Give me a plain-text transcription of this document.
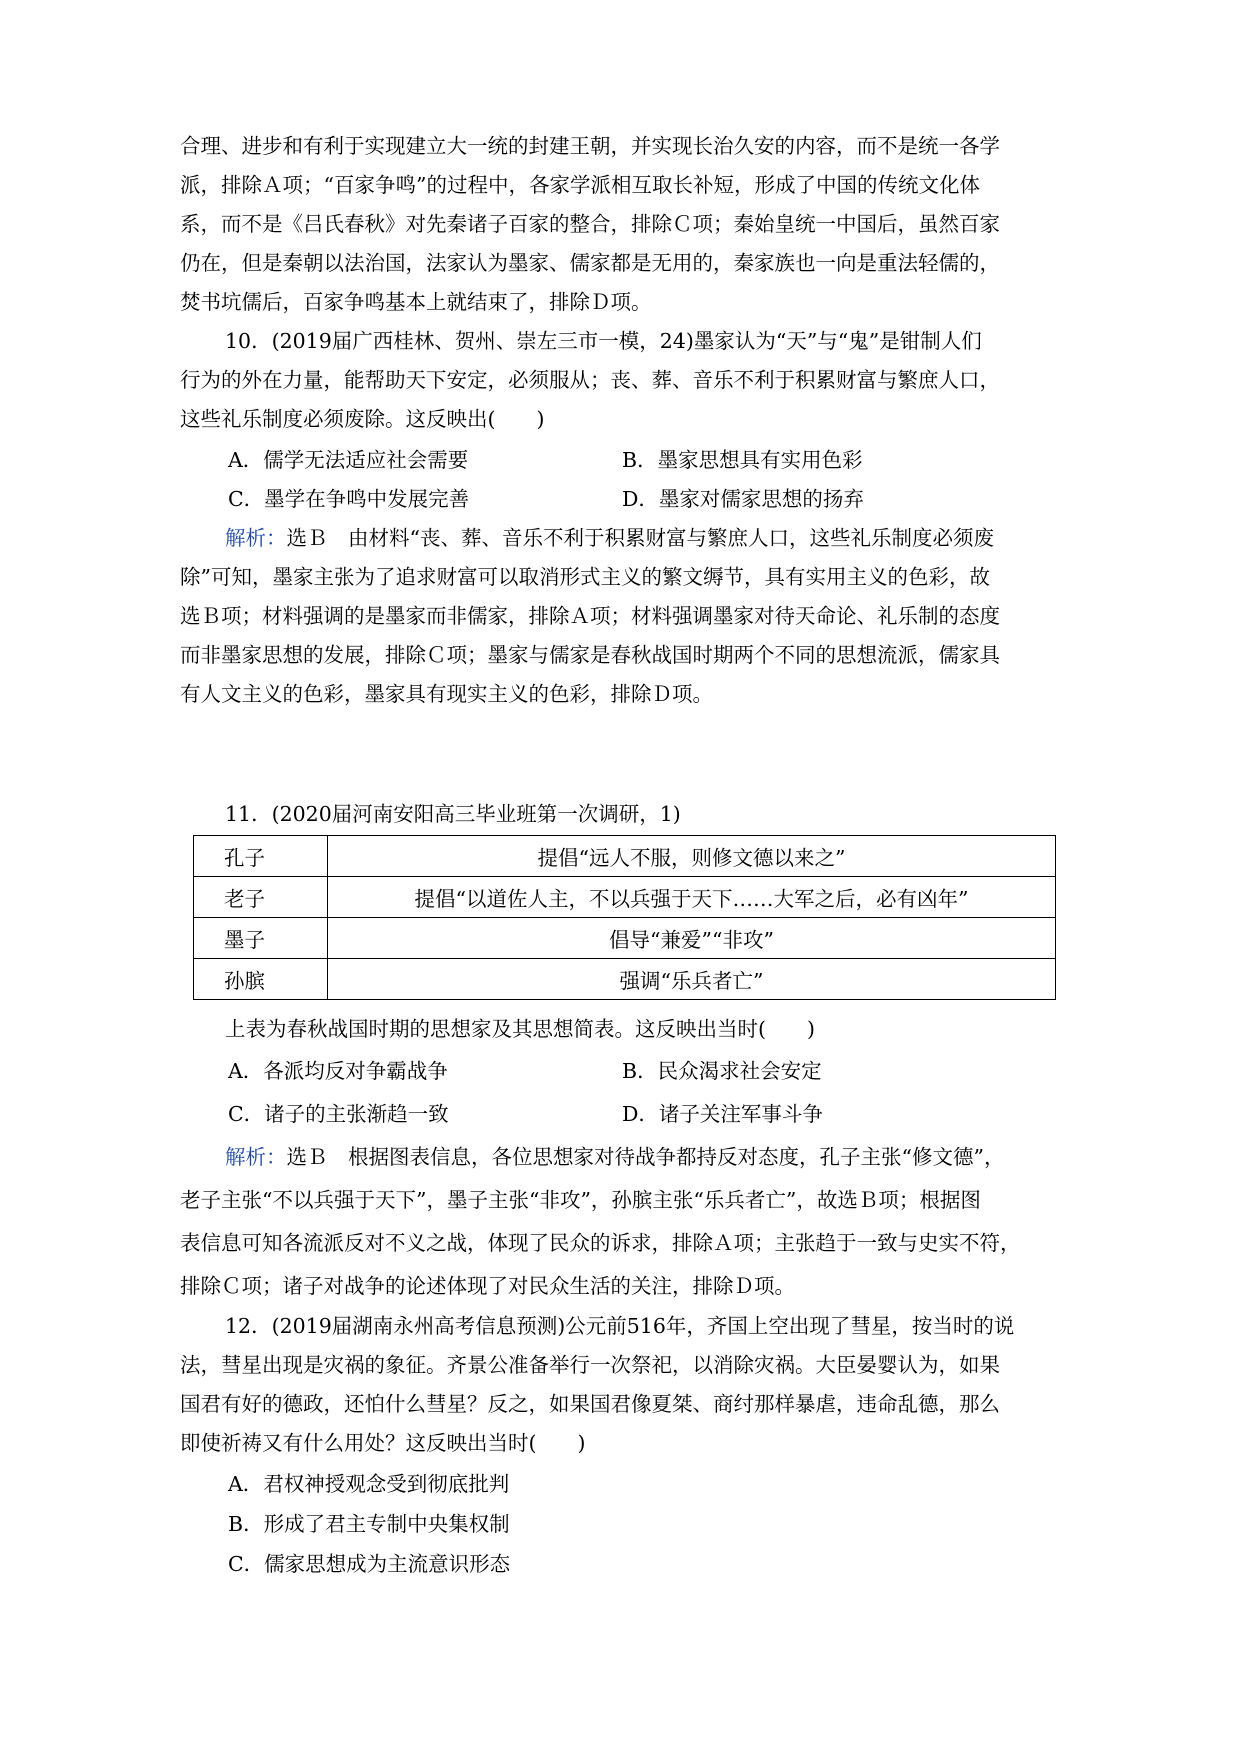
合理、进步和有利于实现建立大一统的封建王朝，并实现长治久安的内容，而不是统一各学
派，排除Ａ项；“百家争鸣”的过程中，各家学派相互取长补短，形成了中国的传统文化体
系，而不是《吕氏春秋》对先秦诸子百家的整合，排除Ｃ项；秦始皇统一中国后，虽然百家
仍在，但是秦朝以法治国，法家认为墨家、儒家都是无用的，秦家族也一向是重法轻儒的，
焚书坑儒后，百家争鸣基本上就结束了，排除Ｄ项。
10．(2019届广西桂林、贺州、崇左三市一模，24)墨家认为“天”与“鬼”是钳制人们
行为的外在力量，能帮助天下安定，必须服从；丧、葬、音乐不利于积累财富与繁庶人口，
这些礼乐制度必须废除。这反映出(　　)
A．儒学无法适应社会需要	B．墨家思想具有实用色彩
C．墨学在争鸣中发展完善	D．墨家对儒家思想的扬弃
解析：选Ｂ　由材料“丧、葬、音乐不利于积累财富与繁庶人口，这些礼乐制度必须废
除”可知，墨家主张为了追求财富可以取消形式主义的繁文缛节，具有实用主义的色彩，故
选Ｂ项；材料强调的是墨家而非儒家，排除Ａ项；材料强调墨家对待天命论、礼乐制的态度
而非墨家思想的发展，排除Ｃ项；墨家与儒家是春秋战国时期两个不同的思想流派，儒家具
有人文主义的色彩，墨家具有现实主义的色彩，排除Ｄ项。
11．(2020届河南安阳高三毕业班第一次调研，1)
孔子	提倡“远人不服，则修文德以来之”
老子	提倡“以道佐人主，不以兵强于天下……大军之后，必有凶年”
墨子	倡导“兼爱”“非攻”
孙膑	强调“乐兵者亡”
上表为春秋战国时期的思想家及其思想简表。这反映出当时(　　)
A．各派均反对争霸战争	B．民众渴求社会安定
C．诸子的主张渐趋一致	D．诸子关注军事斗争
解析：选Ｂ　根据图表信息，各位思想家对待战争都持反对态度，孔子主张“修文德”，
老子主张“不以兵强于天下”，墨子主张“非攻”，孙膑主张“乐兵者亡”，故选Ｂ项；根据图
表信息可知各流派反对不义之战，体现了民众的诉求，排除Ａ项；主张趋于一致与史实不符，
排除Ｃ项；诸子对战争的论述体现了对民众生活的关注，排除Ｄ项。
12．(2019届湖南永州高考信息预测)公元前516年，齐国上空出现了彗星，按当时的说
法，彗星出现是灾祸的象征。齐景公准备举行一次祭祀，以消除灾祸。大臣晏婴认为，如果
国君有好的德政，还怕什么彗星？反之，如果国君像夏桀、商纣那样暴虐，违命乱德，那么
即使祈祷又有什么用处？这反映出当时(　　)
A．君权神授观念受到彻底批判
B．形成了君主专制中央集权制
C．儒家思想成为主流意识形态
